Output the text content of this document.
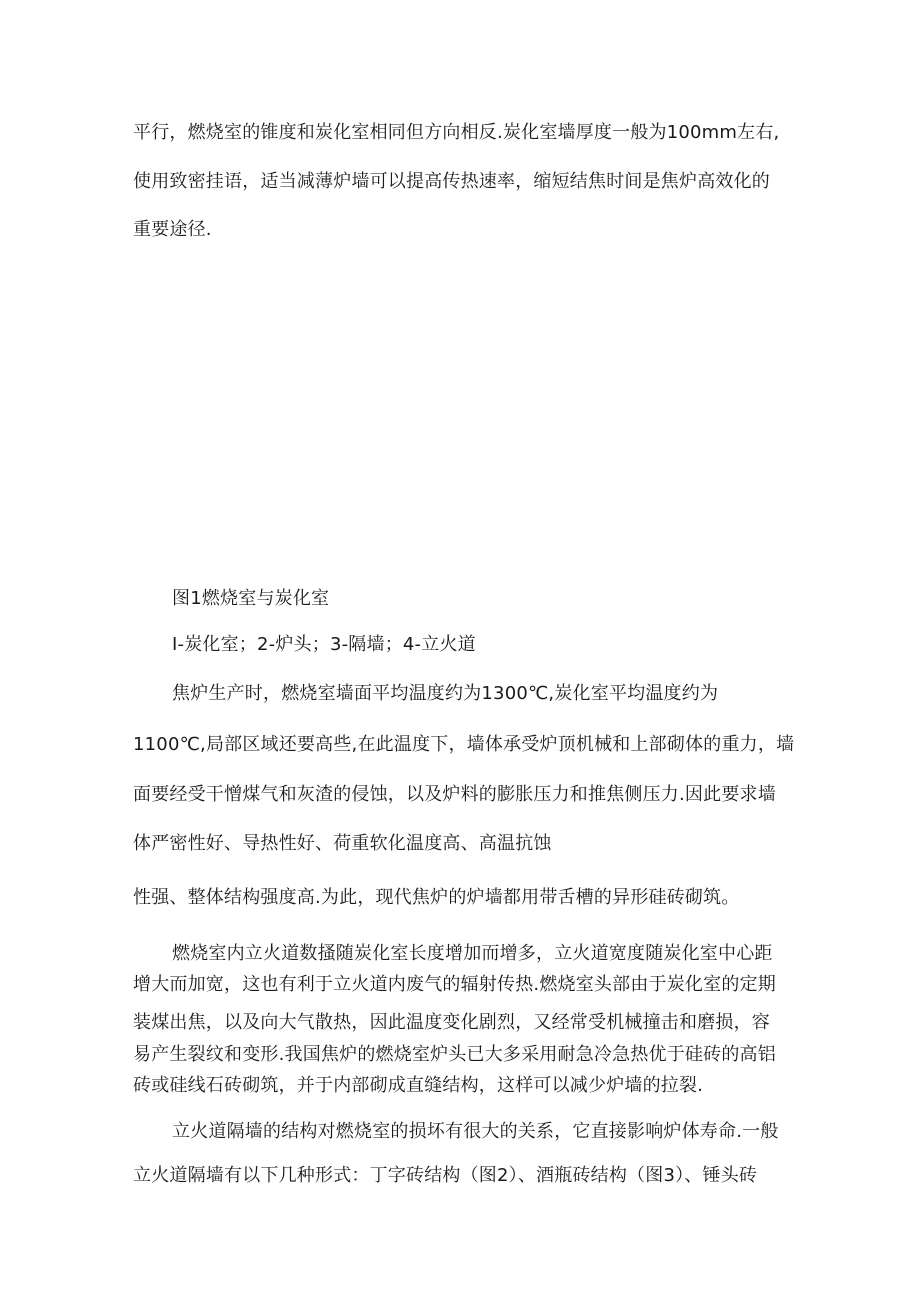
平行，燃烧室的锥度和炭化室相同但方向相反.炭化室墙厚度一般为100mm左右,
使用致密挂语，适当减薄炉墙可以提高传热速率，缩短结焦时间是焦炉高效化的
重要途径.
图1燃烧室与炭化室
I-炭化室；2-炉头；3-隔墙；4-立火道
焦炉生产时，燃烧室墙面平均温度约为1300℃,炭化室平均温度约为
1100℃,局部区域还要高些,在此温度下，墙体承受炉顶机械和上部砌体的重力，墙
面要经受干憎煤气和灰渣的侵蚀，以及炉料的膨胀压力和推焦侧压力.因此要求墙
体严密性好、导热性好、荷重软化温度高、高温抗蚀
性强、整体结构强度高.为此，现代焦炉的炉墙都用带舌槽的异形硅砖砌筑。
燃烧室内立火道数搔随炭化室长度增加而增多，立火道宽度随炭化室中心距
增大而加宽，这也有利于立火道内废气的辐射传热.燃烧室头部由于炭化室的定期
装煤出焦，以及向大气散热，因此温度变化剧烈，又经常受机械撞击和磨损，容
易产生裂纹和变形.我国焦炉的燃烧室炉头已大多采用耐急冷急热优于硅砖的高铝
砖或硅线石砖砌筑，并于内部砌成直缝结构，这样可以减少炉墙的拉裂.
立火道隔墙的结构对燃烧室的损坏有很大的关系，它直接影响炉体寿命.一般
立火道隔墙有以下几种形式：丁字砖结构（图2）、酒瓶砖结构（图3）、锤头砖
